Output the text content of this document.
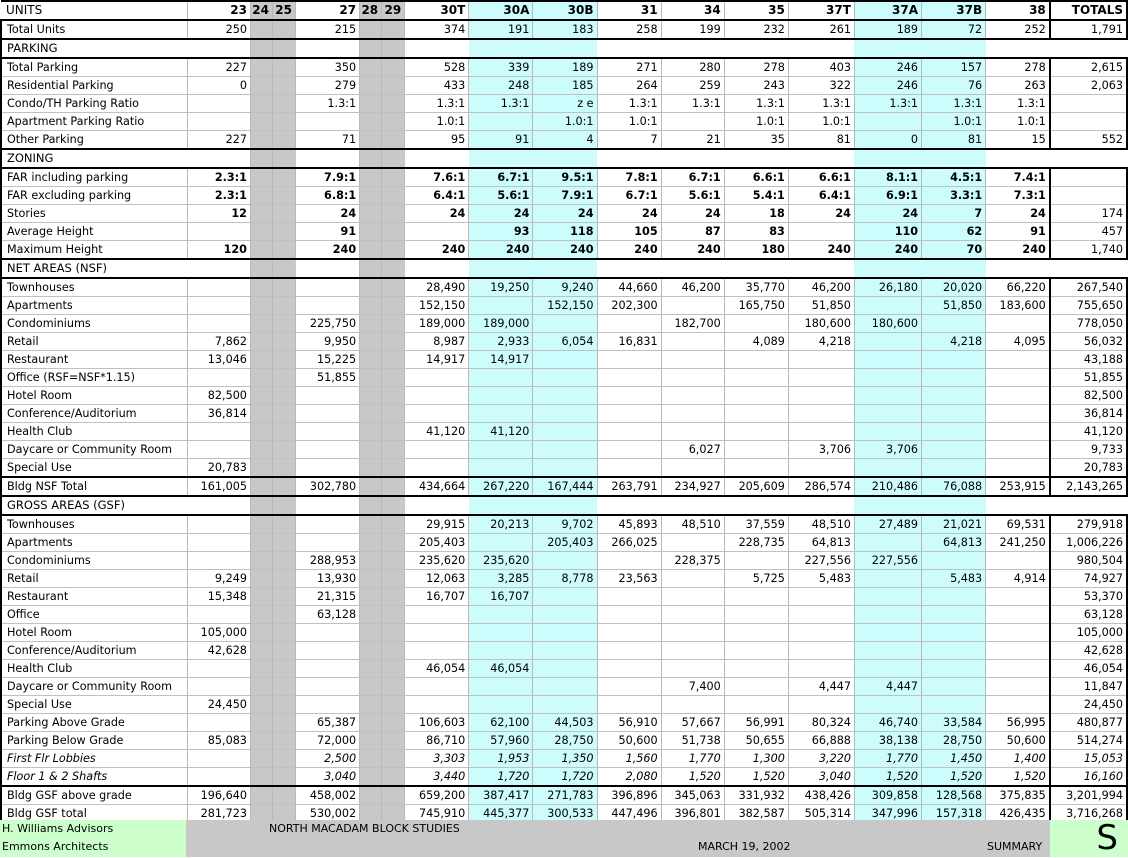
UNITS	23	24	25	27	28	29	30T	30A	30B	31	34	35	37T	37A	37B	38	TOTALS
Total Units	250			215			374	191	183	258	199	232	261	189	72	252	1,791
PARKING																	
Total Parking	227			350			528	339	189	271	280	278	403	246	157	278	2,615
Residential Parking	0			279			433	248	185	264	259	243	322	246	76	263	2,063
Condo/TH Parking Ratio				1.3:1			1.3:1	1.3:1	z e	1.3:1	1.3:1	1.3:1	1.3:1	1.3:1	1.3:1	1.3:1	
Apartment Parking Ratio							1.0:1		1.0:1	1.0:1		1.0:1	1.0:1		1.0:1	1.0:1	
Other Parking	227			71			95	91	4	7	21	35	81	0	81	15	552
ZONING																	
FAR including parking	2.3:1			7.9:1			7.6:1	6.7:1	9.5:1	7.8:1	6.7:1	6.6:1	6.6:1	8.1:1	4.5:1	7.4:1	
FAR excluding parking	2.3:1			6.8:1			6.4:1	5.6:1	7.9:1	6.7:1	5.6:1	5.4:1	6.4:1	6.9:1	3.3:1	7.3:1	
Stories	12			24			24	24	24	24	24	18	24	24	7	24	174
Average Height				91				93	118	105	87	83		110	62	91	457
Maximum Height	120			240			240	240	240	240	240	180	240	240	70	240	1,740
NET AREAS (NSF)																	
Townhouses							28,490	19,250	9,240	44,660	46,200	35,770	46,200	26,180	20,020	66,220	267,540
Apartments							152,150		152,150	202,300		165,750	51,850		51,850	183,600	755,650
Condominiums				225,750			189,000	189,000			182,700		180,600	180,600			778,050
Retail	7,862			9,950			8,987	2,933	6,054	16,831		4,089	4,218		4,218	4,095	56,032
Restaurant	13,046			15,225			14,917	14,917									43,188
Office (RSF=NSF*1.15)				51,855													51,855
Hotel Room	82,500																82,500
Conference/Auditorium	36,814																36,814
Health Club							41,120	41,120									41,120
Daycare or Community Room											6,027		3,706	3,706			9,733
Special Use	20,783																20,783
Bldg NSF Total	161,005			302,780			434,664	267,220	167,444	263,791	234,927	205,609	286,574	210,486	76,088	253,915	2,143,265
GROSS AREAS (GSF)																	
Townhouses							29,915	20,213	9,702	45,893	48,510	37,559	48,510	27,489	21,021	69,531	279,918
Apartments							205,403		205,403	266,025		228,735	64,813		64,813	241,250	1,006,226
Condominiums				288,953			235,620	235,620			228,375		227,556	227,556			980,504
Retail	9,249			13,930			12,063	3,285	8,778	23,563		5,725	5,483		5,483	4,914	74,927
Restaurant	15,348			21,315			16,707	16,707									53,370
Office				63,128													63,128
Hotel Room	105,000																105,000
Conference/Auditorium	42,628																42,628
Health Club							46,054	46,054									46,054
Daycare or Community Room											7,400		4,447	4,447			11,847
Special Use	24,450																24,450
Parking Above Grade				65,387			106,603	62,100	44,503	56,910	57,667	56,991	80,324	46,740	33,584	56,995	480,877
Parking Below Grade	85,083			72,000			86,710	57,960	28,750	50,600	51,738	50,655	66,888	38,138	28,750	50,600	514,274
First Flr Lobbies				2,500			3,303	1,953	1,350	1,560	1,770	1,300	3,220	1,770	1,450	1,400	15,053
Floor 1 & 2 Shafts				3,040			3,440	1,720	1,720	2,080	1,520	1,520	3,040	1,520	1,520	1,520	16,160
Bldg GSF above grade	196,640			458,002			659,200	387,417	271,783	396,896	345,063	331,932	438,426	309,858	128,568	375,835	3,201,994
Bldg GSF total	281,723			530,002			745,910	445,377	300,533	447,496	396,801	382,587	505,314	347,996	157,318	426,435	3,716,268
H. Williams Advisors
Emmons Architects
NORTH MACADAM BLOCK STUDIES
MARCH 19, 2002	SUMMARY S
